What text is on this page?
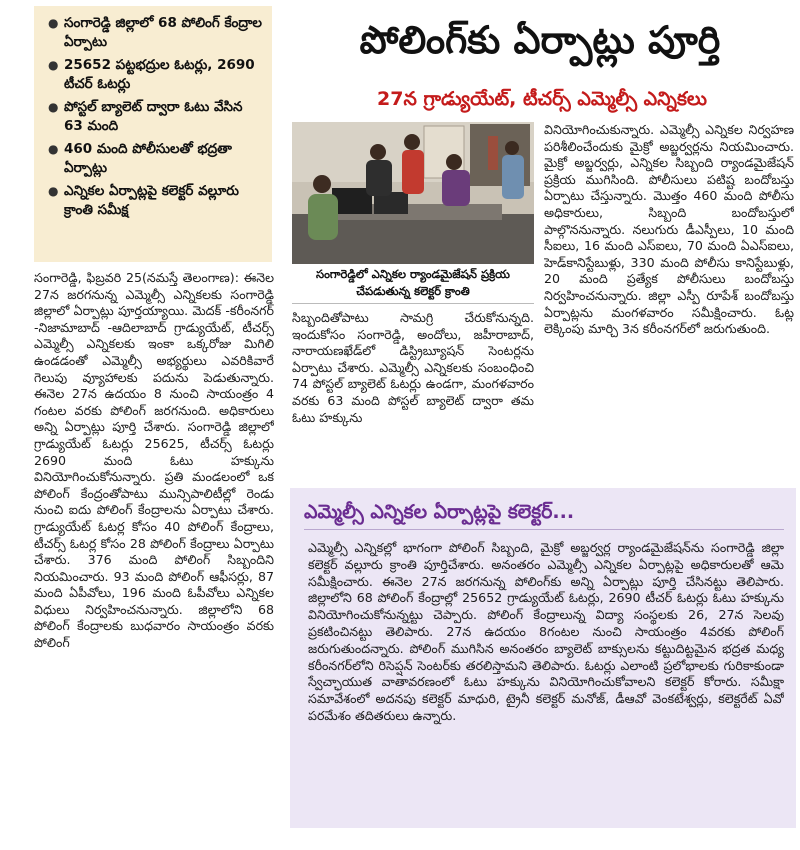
● సంగారెడ్డి జిల్లాలో 68 పోలింగ్ కేంద్రాల ఏర్పాటు
● 25652 పట్టభద్రుల ఓటర్లు, 2690 టీచర్ ఓటర్లు
● పోస్టల్ బ్యాలెట్ ద్వారా ఓటు వేసిన 63 మంది
● 460 మంది పోలీసులతో భద్రతా ఏర్పాట్లు
● ఎన్నికల ఏర్పాట్లపై కలెక్టర్ వల్లూరు క్రాంతి సమీక్ష
పోలింగ్‌కు ఏర్పాట్లు పూర్తి
27న గ్రాడ్యుయేట్, టీచర్స్ ఎమ్మెల్సీ ఎన్నికలు
సంగారెడ్డిలో ఎన్నికల ర్యాండమైజేషన్ ప్రక్రియ చేపడుతున్న కలెక్టర్ క్రాంతి
సంగారెడ్డి, ఫిబ్రవరి 25(నమస్తే తెలంగాణ): ఈనెల 27న జరగనున్న ఎమ్మెల్సీ ఎన్నికలకు సంగారెడ్డి జిల్లాలో ఏర్పాట్లు పూర్తయ్యాయి. మెదక్ -కరీంనగర్ -నిజామాబాద్ -ఆదిలాబాద్ గ్రాడ్యుయేట్, టీచర్స్ ఎమ్మెల్సీ ఎన్నికలకు ఇంకా ఒక్కరోజు మిగిలి ఉండడంతో ఎమ్మెల్సీ అభ్యర్థులు ఎవరికివారే గెలుపు వ్యూహాలకు పదును పెడుతున్నారు. ఈనెల 27న ఉదయం 8 నుంచి సాయంత్రం 4 గంటల వరకు పోలింగ్ జరగనుంది. అధికారులు అన్ని ఏర్పాట్లు పూర్తి చేశారు. సంగారెడ్డి జిల్లాలో గ్రాడ్యుయేట్ ఓటర్లు 25625, టీచర్స్ ఓటర్లు 2690 మంది ఓటు హక్కును వినియోగించుకోనున్నారు. ప్రతి మండలంలో ఒక పోలింగ్ కేంద్రంతోపాటు మున్సిపాలిటీల్లో రెండు నుంచి ఐదు పోలింగ్ కేంద్రాలను ఏర్పాటు చేశారు. గ్రాడ్యుయేట్ ఓటర్ల కోసం 40 పోలింగ్ కేంద్రాలు, టీచర్స్ ఓటర్ల కోసం 28 పోలింగ్ కేంద్రాలు ఏర్పాటు చేశారు. 376 మంది పోలింగ్ సిబ్బందిని నియమించారు. 93 మంది పోలింగ్ ఆఫీసర్లు, 87 మంది ఏపీవోలు, 196 మంది ఓపీవోలు ఎన్నికల విధులు నిర్వహించనున్నారు. జిల్లాలోని 68 పోలింగ్ కేంద్రాలకు బుధవారం సాయంత్రం వరకు పోలింగ్
సిబ్బందితోపాటు సామగ్రి చేరుకోనున్నది. ఇందుకోసం సంగారెడ్డి, అందోలు, జహీరాబాద్, నారాయణఖేడ్‌లో డిస్ట్రిబ్యూషన్ సెంటర్లను ఏర్పాటు చేశారు. ఎమ్మెల్సీ ఎన్నికలకు సంబంధించి 74 పోస్టల్ బ్యాలెట్ ఓటర్లు ఉండగా, మంగళవారం వరకు 63 మంది పోస్టల్ బ్యాలెట్ ద్వారా తమ ఓటు హక్కును
వినియోగించుకున్నారు. ఎమ్మెల్సీ ఎన్నికల నిర్వహణ పరిశీలించేందుకు మైక్రో అబ్జర్వర్లను నియమించారు. మైక్రో అబ్జర్వర్లు, ఎన్నికల సిబ్బంది ర్యాండమైజేషన్ ప్రక్రియ ముగిసింది. పోలీసులు పటిష్ట బందోబస్తు ఏర్పాటు చేస్తున్నారు. మొత్తం 460 మంది పోలీసు అధికారులు, సిబ్బంది బందోబస్తులో పాల్గొననున్నారు. నలుగురు డీఎస్పీలు, 10 మంది సీఐలు, 16 మంది ఎస్ఐలు, 70 మంది ఏఎస్ఐలు, హెడ్‌కానిస్టేబుళ్లు, 330 మంది పోలీసు కానిస్టేబుళ్లు, 20 మంది ప్రత్యేక పోలీసులు బందోబస్తు నిర్వహించనున్నారు. జిల్లా ఎస్పీ రూపేశ్ బందోబస్తు ఏర్పాట్లను మంగళవారం సమీక్షించారు. ఓట్ల లెక్కింపు మార్చి 3న కరీంనగర్‌లో జరుగుతుంది.
ఎమ్మెల్సీ ఎన్నికల ఏర్పాట్లపై కలెక్టర్...
ఎమ్మెల్సీ ఎన్నికల్లో భాగంగా పోలింగ్ సిబ్బంది, మైక్రో అబ్జర్వర్ల ర్యాండమైజేషన్‌ను సంగారెడ్డి జిల్లా కలెక్టర్ వల్లూరు క్రాంతి పూర్తిచేశారు. అనంతరం ఎమ్మెల్సీ ఎన్నికల ఏర్పాట్లపై అధికారులతో ఆమె సమీక్షించారు. ఈనెల 27న జరగనున్న పోలింగ్‌కు అన్ని ఏర్పాట్లు పూర్తి చేసినట్టు తెలిపారు. జిల్లాలోని 68 పోలింగ్ కేంద్రాల్లో 25652 గ్రాడ్యుయేట్ ఓటర్లు, 2690 టీచర్ ఓటర్లు ఓటు హక్కును వినియోగించుకోనున్నట్టు చెప్పారు. పోలింగ్ కేంద్రాలున్న విద్యా సంస్థలకు 26, 27న సెలవు ప్రకటించినట్టు తెలిపారు. 27న ఉదయం 8గంటల నుంచి సాయంత్రం 4వరకు పోలింగ్ జరుగుతుందన్నారు. పోలింగ్ ముగిసిన అనంతరం బ్యాలెట్ బాక్సులను కట్టుదిట్టమైన భద్రత మధ్య కరీంనగర్‌లోని రిసెప్షన్ సెంటర్‌కు తరలిస్తామని తెలిపారు. ఓటర్లు ఎలాంటి ప్రలోభాలకు గురికాకుండా స్వేచ్ఛాయుత వాతావరణంలో ఓటు హక్కును వినియోగించుకోవాలని కలెక్టర్ కోరారు. సమీక్షా సమావేశంలో అదనపు కలెక్టర్ మాధురి, ట్రైనీ కలెక్టర్ మనోజ్, డీఆవో వెంకటేశ్వర్లు, కలెక్టరేట్ ఏవో పరమేశం తదితరులు ఉన్నారు.
